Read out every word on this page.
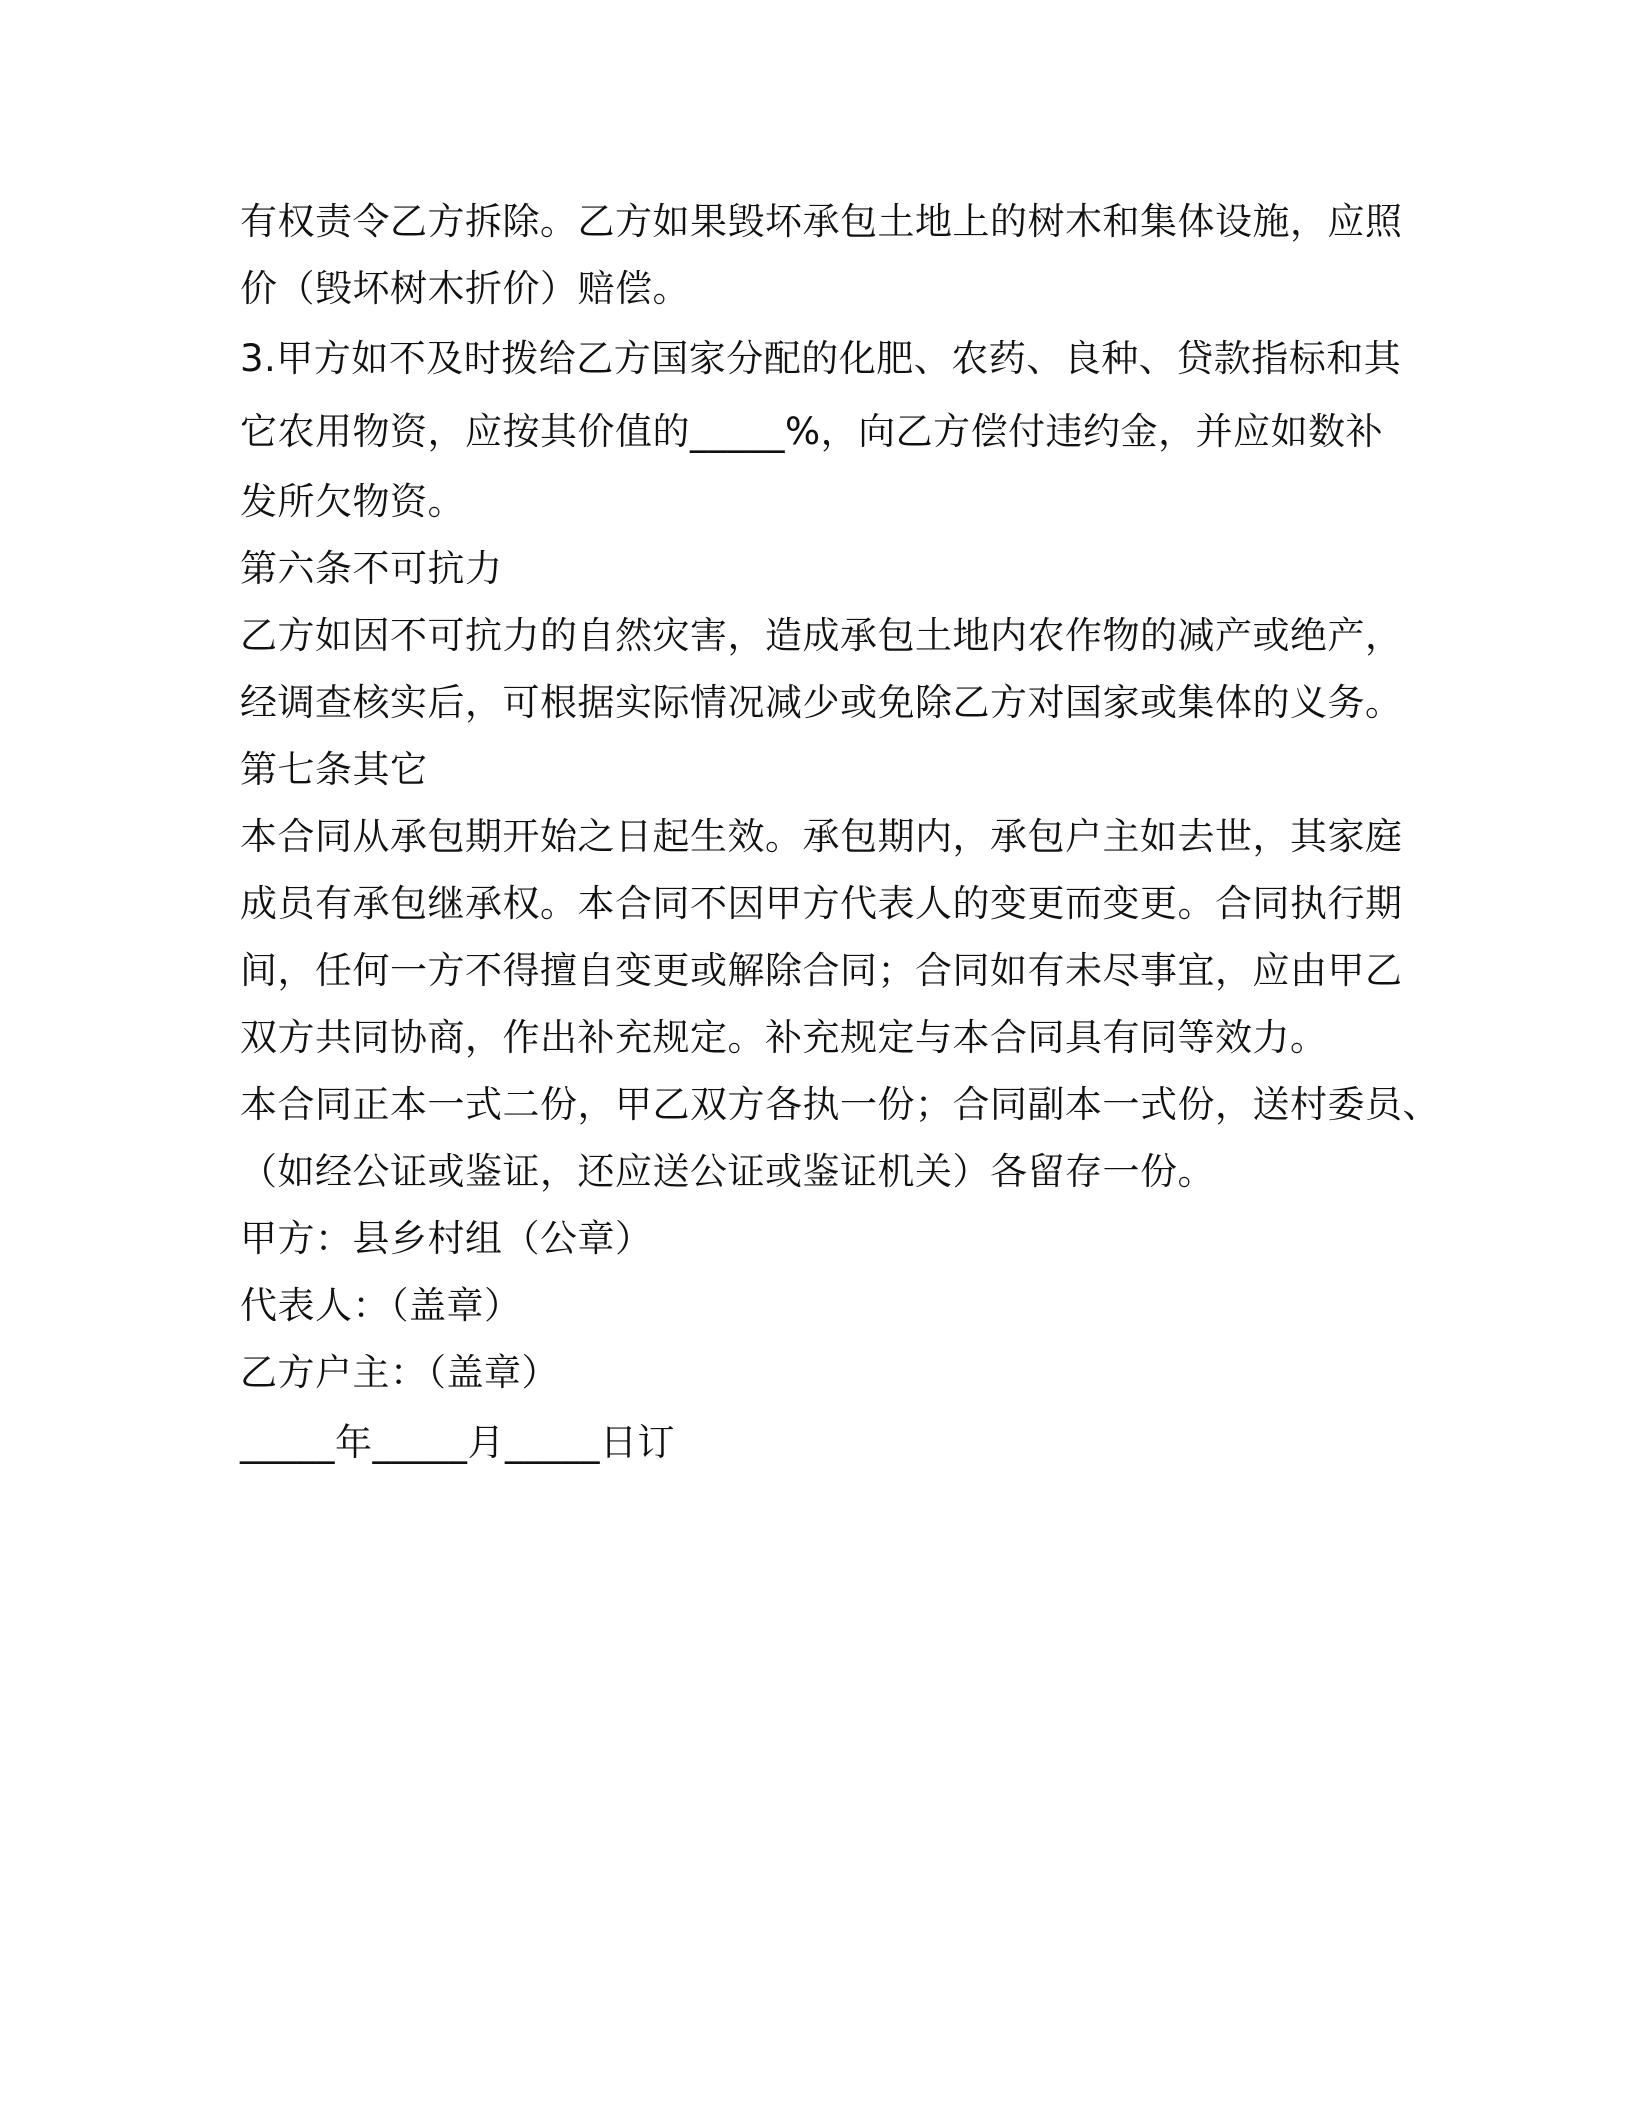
有权责令乙方拆除。乙方如果毁坏承包土地上的树木和集体设施，应照
价（毁坏树木折价）赔偿。
3.甲方如不及时拨给乙方国家分配的化肥、农药、良种、贷款指标和其
它农用物资，应按其价值的_____%，向乙方偿付违约金，并应如数补
发所欠物资。
第六条不可抗力
乙方如因不可抗力的自然灾害，造成承包土地内农作物的减产或绝产，
经调查核实后，可根据实际情况减少或免除乙方对国家或集体的义务。
第七条其它
本合同从承包期开始之日起生效。承包期内，承包户主如去世，其家庭
成员有承包继承权。本合同不因甲方代表人的变更而变更。合同执行期
间，任何一方不得擅自变更或解除合同；合同如有未尽事宜，应由甲乙
双方共同协商，作出补充规定。补充规定与本合同具有同等效力。
本合同正本一式二份，甲乙双方各执一份；合同副本一式份，送村委员、
（如经公证或鉴证，还应送公证或鉴证机关）各留存一份。
甲方：县乡村组（公章）
代表人：（盖章）
乙方户主：（盖章）
_____年_____月_____日订
